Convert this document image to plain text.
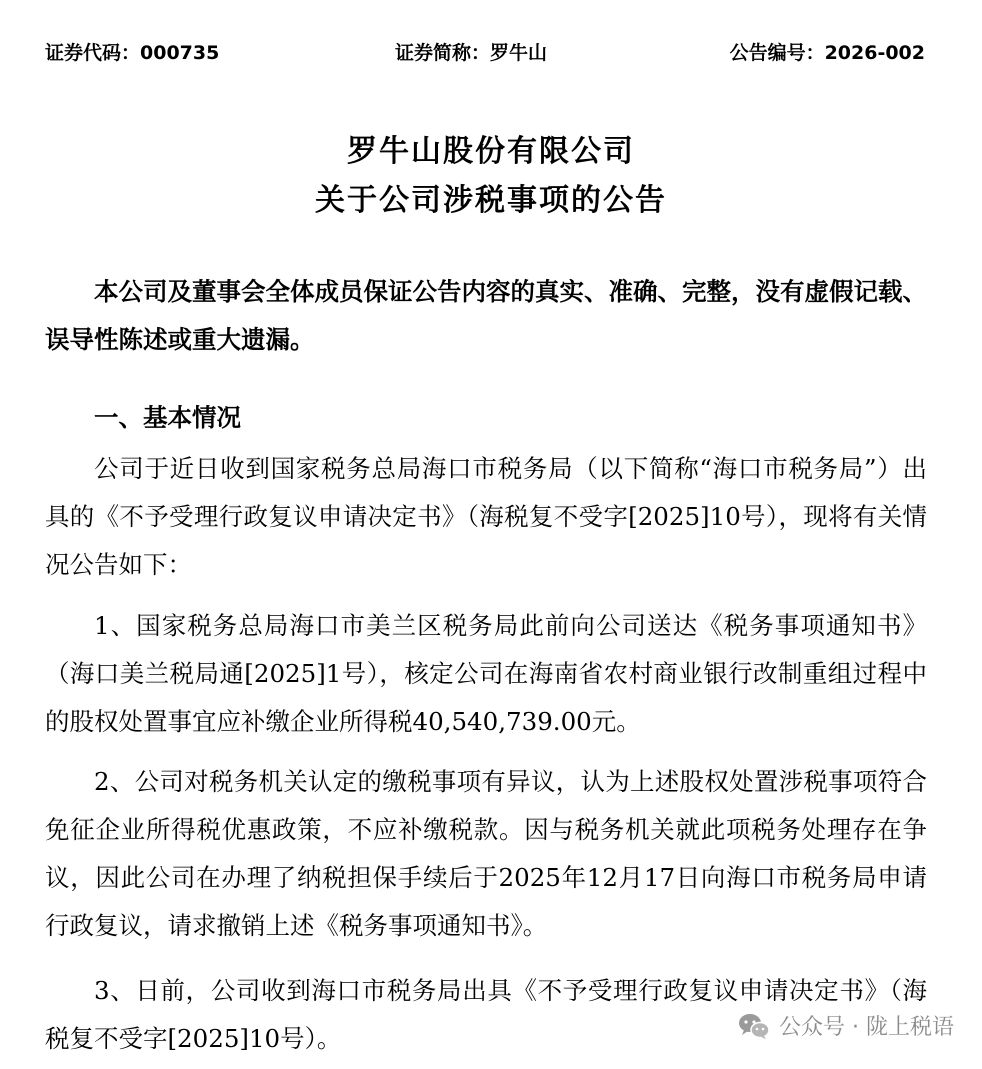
证券代码：000735	证券简称：罗牛山	公告编号：2026-002
罗牛山股份有限公司
关于公司涉税事项的公告

本公司及董事会全体成员保证公告内容的真实、准确、完整，没有虚假记载、误导性陈述或重大遗漏。

一、基本情况

公司于近日收到国家税务总局海口市税务局（以下简称“海口市税务局”）出具的《不予受理行政复议申请决定书》（海税复不受字[2025]10号），现将有关情况公告如下：

1、国家税务总局海口市美兰区税务局此前向公司送达《税务事项通知书》（海口美兰税局通[2025]1号），核定公司在海南省农村商业银行改制重组过程中的股权处置事宜应补缴企业所得税40,540,739.00元。

2、公司对税务机关认定的缴税事项有异议，认为上述股权处置涉税事项符合免征企业所得税优惠政策，不应补缴税款。因与税务机关就此项税务处理存在争议，因此公司在办理了纳税担保手续后于2025年12月17日向海口市税务局申请行政复议，请求撤销上述《税务事项通知书》。

3、日前，公司收到海口市税务局出具《不予受理行政复议申请决定书》（海税复不受字[2025]10号）。	公众号 · 陇上税语
